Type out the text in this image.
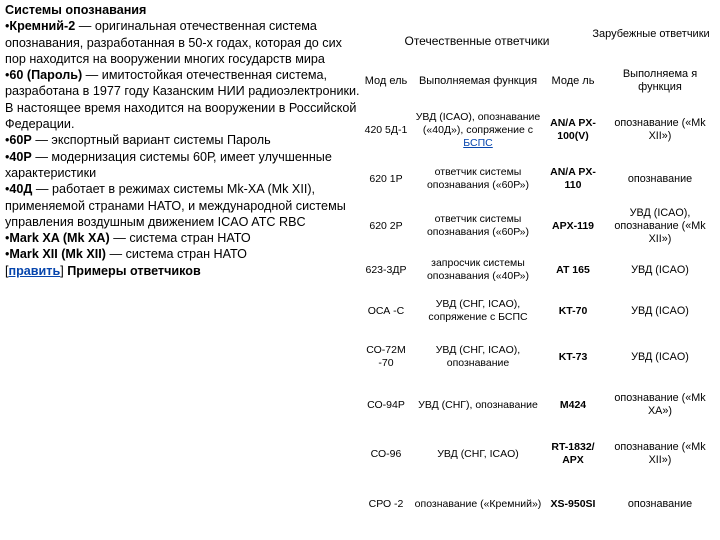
Системы опознавания

•Кремний-2 — оригинальная отечественная система опознавания, разработанная в 50-х годах, которая до сих пор находится на вооружении многих государств мира

•60 (Пароль) — имитостойкая отечественная система, разработана в 1977 году Казанским НИИ радиоэлектроники. В настоящее время находится на вооружении в Российской Федерации.

•60Р — экспортный вариант системы Пароль

•40Р — модернизация системы 60Р, имеет улучшенные характеристики

•40Д — работает в режимах системы Mk-XA (Mk XII), применяемой странами НАТО, и международной системы управления воздушным движением ICAO ATC RBC

•Mark XA (Mk XA) — система стран НАТО

•Mark XII (Mk XII) — система стран НАТО

[править] Примеры ответчиков

Отечественные ответчики	Зарубежные ответчики
Мод ель	Выполняемая функция	Моде ль	Выполняема я функция
420 5Д-1	УВД (ICAO), опознавание («40Д»), сопряжение с БСПС	AN/A PX-100(V)	опознавание («Mk XII»)
620 1Р	ответчик системы опознавания («60Р»)	AN/A PX-110	опознавание
620 2Р	ответчик системы опознавания («60Р»)	APX-119	УВД (ICAO), опознавание («Mk XII»)
623-3ДР	запросчик системы опознавания («40Р»)	AT 165	УВД (ICAO)
ОСА -С	УВД (СНГ, ICAO), сопряжение с БСПС	KT-70	УВД (ICAO)
СО-72М -70	УВД (СНГ, ICAO), опознавание	KT-73	УВД (ICAO)
СО-94Р	УВД (СНГ), опознавание	M424	опознавание («Mk XA»)
СО-96	УВД (СНГ, ICAO)	RT-1832/ APX	опознавание («Mk XII»)
СРО -2	опознавание («Кремний»)	XS-950SI	опознавание
